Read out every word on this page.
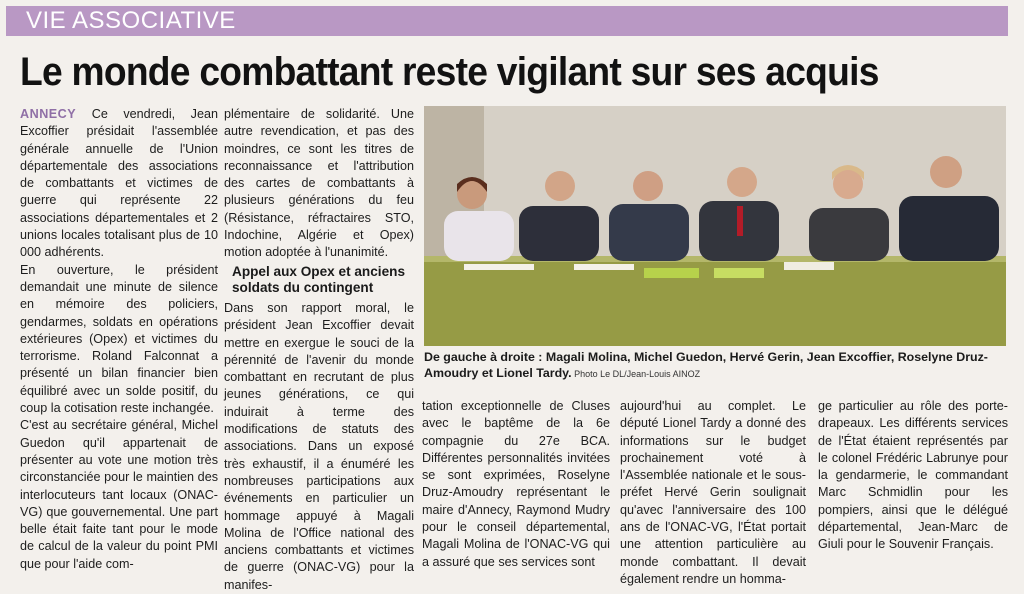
VIE ASSOCIATIVE
Le monde combattant reste vigilant sur ses acquis

ANNECY Ce vendredi, Jean Excoffier présidait l'assemblée générale annuelle de l'Union départementale des associations de combattants et victimes de guerre qui représente 22 associations départementales et 2 unions locales totalisant plus de 10 000 adhérents.

En ouverture, le président demandait une minute de silence en mémoire des policiers, gendarmes, soldats en opérations extérieures (Opex) et victimes du terrorisme. Roland Falconnat a présenté un bilan financier bien équilibré avec un solde positif, du coup la cotisation reste inchangée.

C'est au secrétaire général, Michel Guedon qu'il appartenait de présenter au vote une motion très circonstanciée pour le maintien des interlocuteurs tant locaux (ONAC-VG) que gouvernemental. Une part belle était faite tant pour le mode de calcul de la valeur du point PMI que pour l'aide com-

plémentaire de solidarité. Une autre revendication, et pas des moindres, ce sont les titres de reconnaissance et l'attribution des cartes de combattants à plusieurs générations du feu (Résistance, réfractaires STO, Indochine, Algérie et Opex) motion adoptée à l'unanimité.

Appel aux Opex et anciens soldats du contingent

Dans son rapport moral, le président Jean Excoffier devait mettre en exergue le souci de la pérennité de l'avenir du monde combattant en recrutant de plus jeunes générations, ce qui induirait à terme des modifications de statuts des associations. Dans un exposé très exhaustif, il a énuméré les nombreuses participations aux événements en particulier un hommage appuyé à Magali Molina de l'Office national des anciens combattants et victimes de guerre (ONAC-VG) pour la manifes-

De gauche à droite : Magali Molina, Michel Guedon, Hervé Gerin, Jean Excoffier, Roselyne Druz-Amoudry et Lionel Tardy. Photo Le DL/Jean-Louis AINOZ

tation exceptionnelle de Cluses avec le baptême de la 6e compagnie du 27e BCA. Différentes personnalités invitées se sont exprimées, Roselyne Druz-Amoudry représentant le maire d'Annecy, Raymond Mudry pour le conseil départemental, Magali Molina de l'ONAC-VG qui a assuré que ses services sont

aujourd'hui au complet. Le député Lionel Tardy a donné des informations sur le budget prochainement voté à l'Assemblée nationale et le sous-préfet Hervé Gerin soulignait qu'avec l'anniversaire des 100 ans de l'ONAC-VG, l'État portait une attention particulière au monde combattant. Il devait également rendre un homma-

ge particulier au rôle des porte-drapeaux. Les différents services de l'État étaient représentés par le colonel Frédéric Labrunye pour la gendarmerie, le commandant Marc Schmidlin pour les pompiers, ainsi que le délégué départemental, Jean-Marc de Giuli pour le Souvenir Français.
